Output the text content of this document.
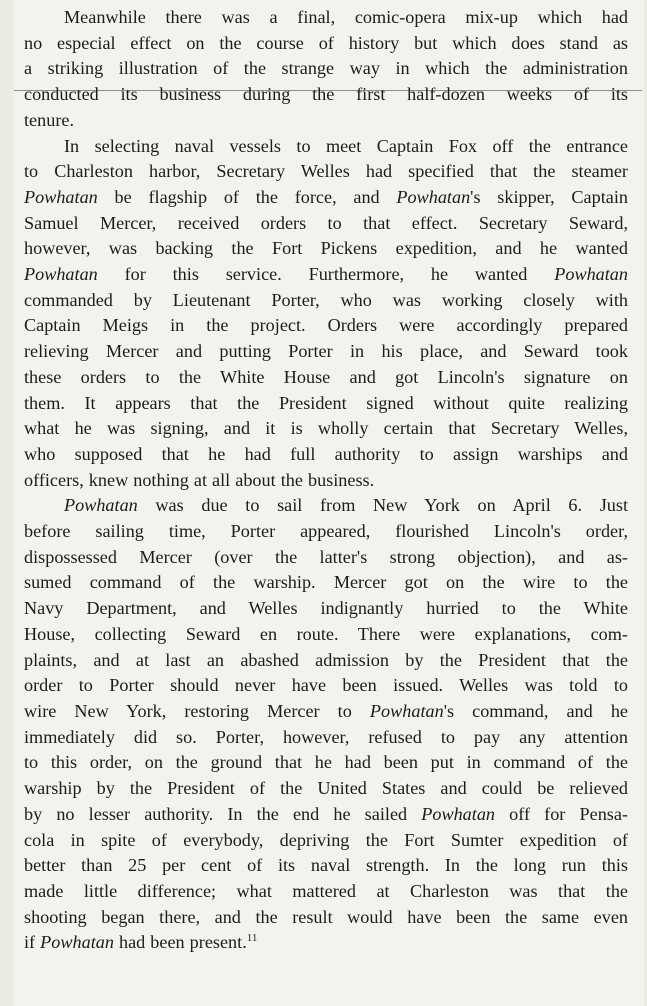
Meanwhile there was a final, comic-opera mix-up which had
no especial effect on the course of history but which does stand as
a striking illustration of the strange way in which the administration
conducted its business during the first half-dozen weeks of its
tenure.

In selecting naval vessels to meet Captain Fox off the entrance
to Charleston harbor, Secretary Welles had specified that the steamer
Powhatan be flagship of the force, and Powhatan's skipper, Captain
Samuel Mercer, received orders to that effect. Secretary Seward,
however, was backing the Fort Pickens expedition, and he wanted
Powhatan for this service. Furthermore, he wanted Powhatan
commanded by Lieutenant Porter, who was working closely with
Captain Meigs in the project. Orders were accordingly prepared
relieving Mercer and putting Porter in his place, and Seward took
these orders to the White House and got Lincoln's signature on
them. It appears that the President signed without quite realizing
what he was signing, and it is wholly certain that Secretary Welles,
who supposed that he had full authority to assign warships and
officers, knew nothing at all about the business.

Powhatan was due to sail from New York on April 6. Just
before sailing time, Porter appeared, flourished Lincoln's order,
dispossessed Mercer (over the latter's strong objection), and as-
sumed command of the warship. Mercer got on the wire to the
Navy Department, and Welles indignantly hurried to the White
House, collecting Seward en route. There were explanations, com-
plaints, and at last an abashed admission by the President that the
order to Porter should never have been issued. Welles was told to
wire New York, restoring Mercer to Powhatan's command, and he
immediately did so. Porter, however, refused to pay any attention
to this order, on the ground that he had been put in command of the
warship by the President of the United States and could be relieved
by no lesser authority. In the end he sailed Powhatan off for Pensa-
cola in spite of everybody, depriving the Fort Sumter expedition of
better than 25 per cent of its naval strength. In the long run this
made little difference; what mattered at Charleston was that the
shooting began there, and the result would have been the same even
if Powhatan had been present.$^{11}$
